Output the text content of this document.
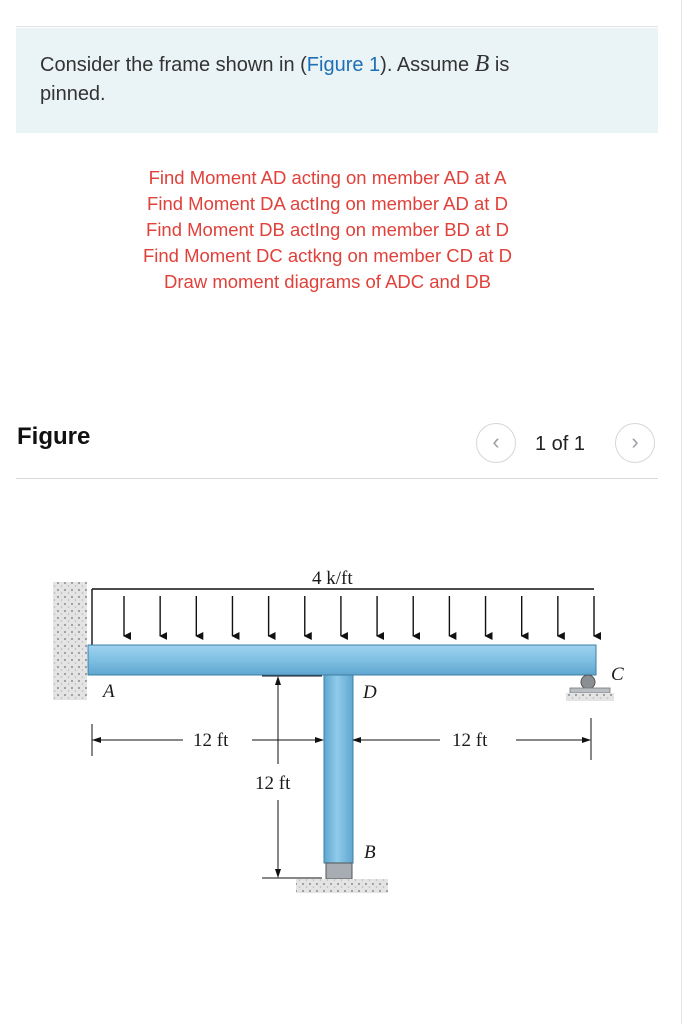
Consider the frame shown in (Figure 1). Assume B is
pinned.
Find Moment AD acting on member AD at A
Find Moment DA actIng on member AD at D
Find Moment DB actIng on member BD at D
Find Moment DC actkng on member CD at D
Draw moment diagrams of ADC and DB
Figure	‹	1 of 1	›
4 k/ft
A	D
B
C
12 ft	12 ft
12 ft
